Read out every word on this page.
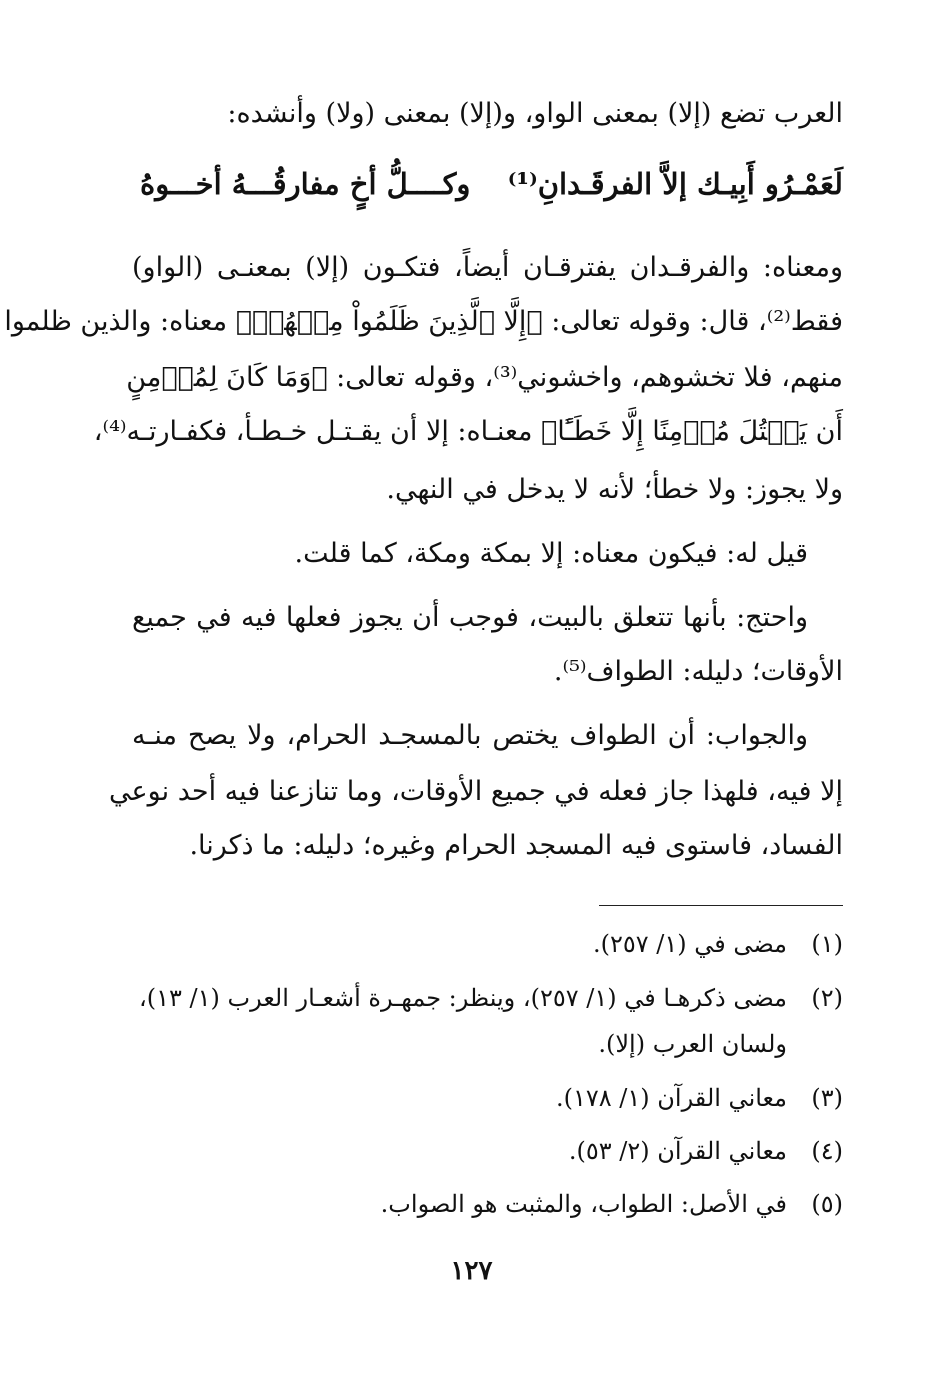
العرب تضع (إلا) بمعنى الواو، و(إلا) بمعنى (ولا) وأنشده:
لَعَمْـرُو أَبِيـك إلاَّ الفرقَـدانِ⁽¹⁾
وكــــلُّ أخٍ مفارقُـــهُ أخـــوهُ
ومعناه: والفرقـدان يفترقـان أيضاً، فتكـون (إلا) بمعنـى (الواو)
فقط⁽²⁾، قال: وقوله تعالى: ﴿إِلَّا ٱلَّذِينَ ظَلَمُواْ مِنۡهُمۡ﴾ معناه: والذين ظلموا
منهم، فلا تخشوهم، واخشوني⁽³⁾، وقوله تعالى: ﴿وَمَا كَانَ لِمُؤۡمِنٍ
أَن يَقۡتُلَ مُؤۡمِنًا إِلَّا خَطَـًٔا﴾ معنـاه: إلا أن يقـتـل خـطـأ، فكفـارتـه⁽⁴⁾،
ولا يجوز: ولا خطأ؛ لأنه لا يدخل في النهي.
قيل له: فيكون معناه: إلا بمكة ومكة، كما قلت.
واحتج: بأنها تتعلق بالبيت، فوجب أن يجوز فعلها فيه في جميع
الأوقات؛ دليله: الطواف⁽⁵⁾.
والجواب: أن الطواف يختص بالمسجـد الحرام، ولا يصح منـه
إلا فيه، فلهذا جاز فعله في جميع الأوقات، وما تنازعنا فيه أحد نوعي
الفساد، فاستوى فيه المسجد الحرام وغيره؛ دليله: ما ذكرنا.
(١)
مضى في (١/ ٢٥٧).
(٢)
مضى ذكرهـا في (١/ ٢٥٧)، وينظر: جمهـرة أشعـار العرب (١/ ١٣)،
ولسان العرب (إلا).
(٣)
معاني القرآن (١/ ١٧٨).
(٤)
معاني القرآن (٢/ ٥٣).
(٥)
في الأصل: الطواب، والمثبت هو الصواب.
١٢٧
